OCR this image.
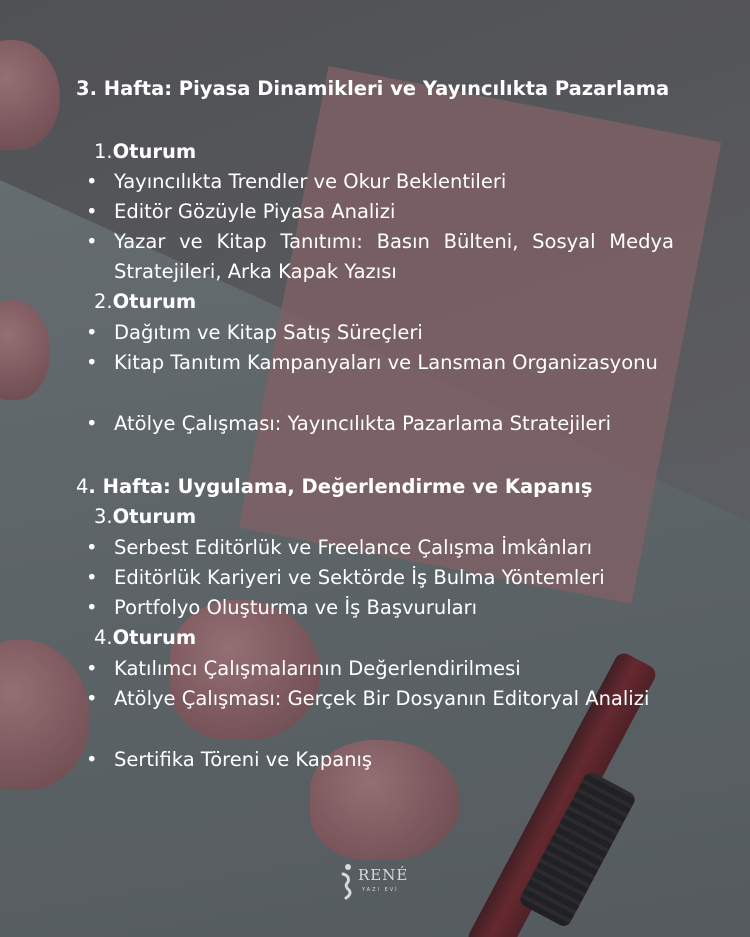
3. Hafta: Piyasa Dinamikleri ve Yayıncılıkta Pazarlama
1.Oturum
• Yayıncılıkta Trendler ve Okur Beklentileri
• Editör Gözüyle Piyasa Analizi
• Yazar ve Kitap Tanıtımı: Basın Bülteni, Sosyal Medya Stratejileri, Arka Kapak Yazısı
2.Oturum
• Dağıtım ve Kitap Satış Süreçleri
• Kitap Tanıtım Kampanyaları ve Lansman Organizasyonu
• Atölye Çalışması: Yayıncılıkta Pazarlama Stratejileri
4. Hafta: Uygulama, Değerlendirme ve Kapanış
3.Oturum
• Serbest Editörlük ve Freelance Çalışma İmkânları
• Editörlük Kariyeri ve Sektörde İş Bulma Yöntemleri
• Portfolyo Oluşturma ve İş Başvuruları
4.Oturum
• Katılımcı Çalışmalarının Değerlendirilmesi
• Atölye Çalışması: Gerçek Bir Dosyanın Editoryal Analizi
• Sertifika Töreni ve Kapanış
RENÉ
YAZI EVİ
